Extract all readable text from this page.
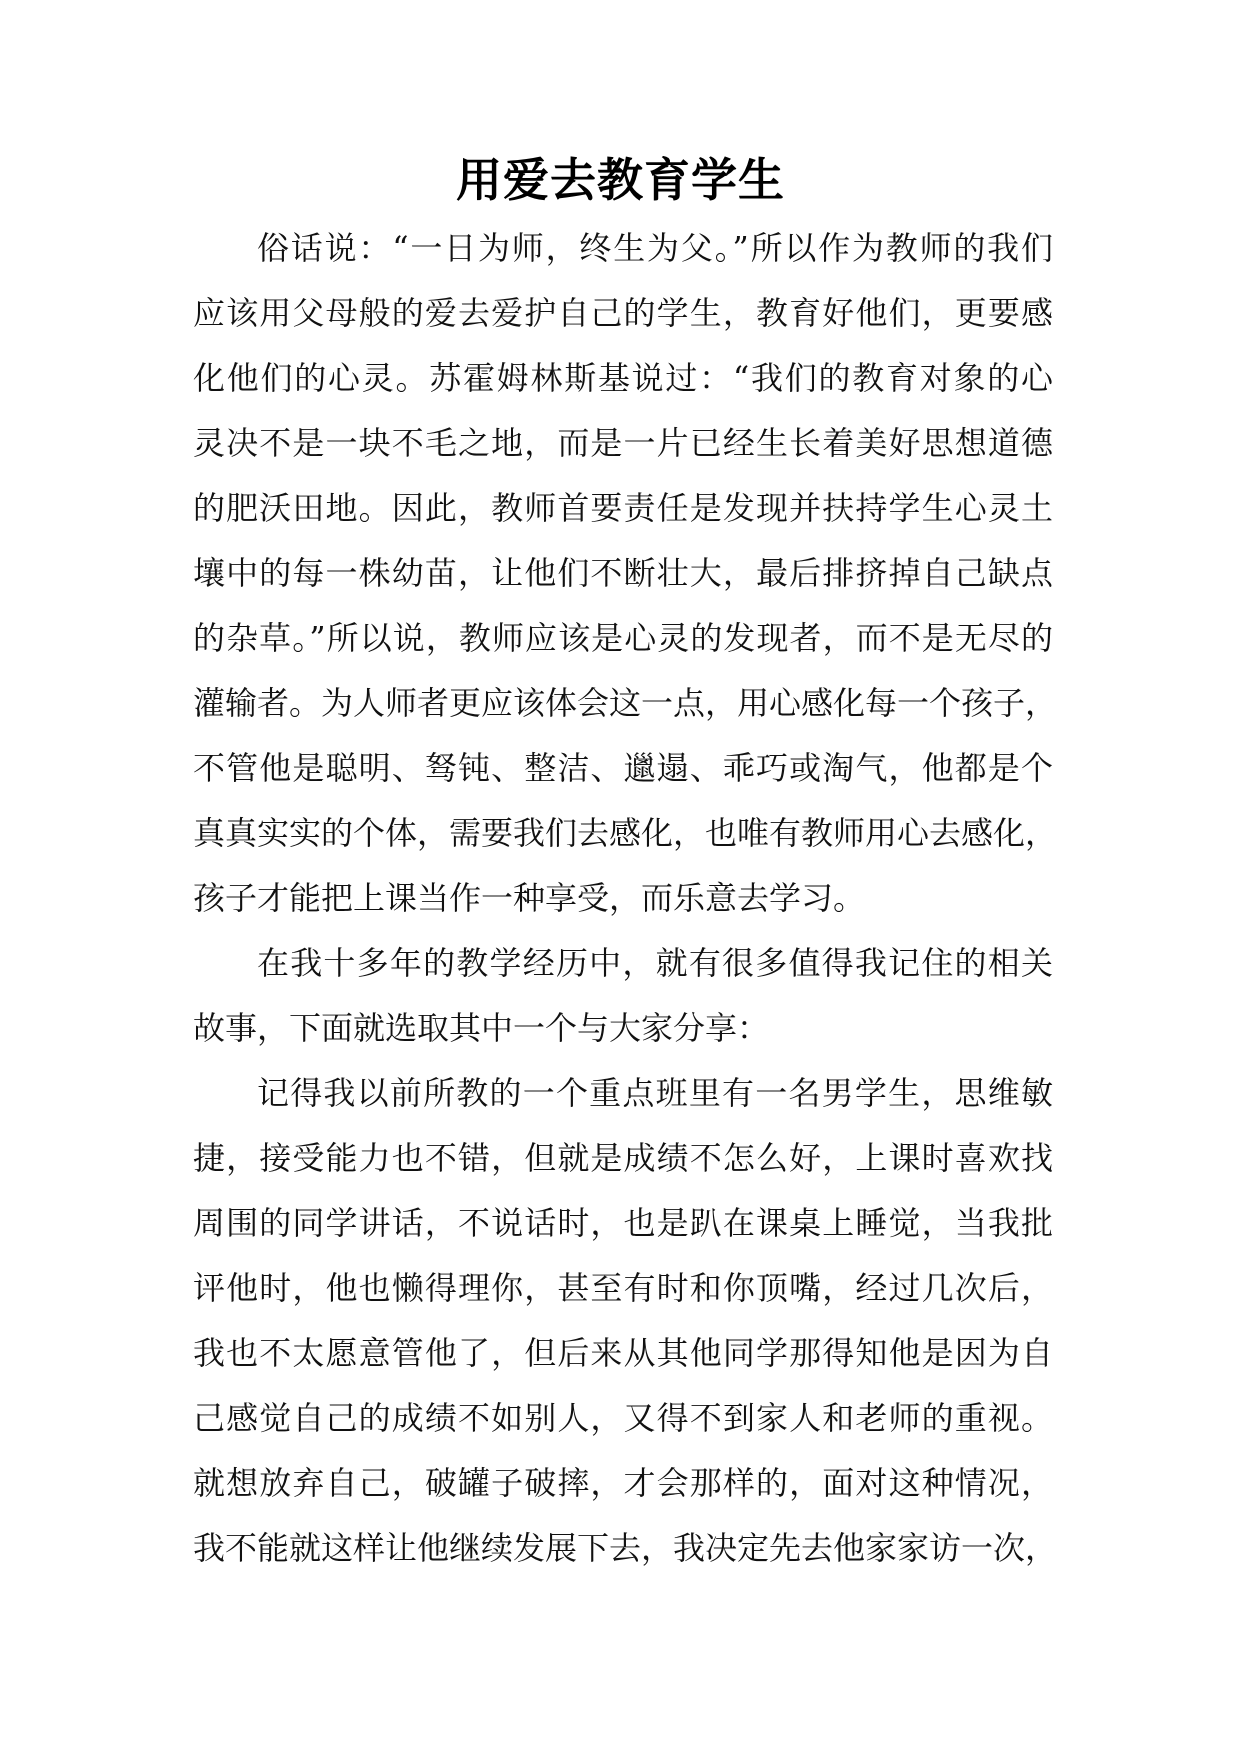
用爱去教育学生
俗话说：“一日为师，终生为父。”所以作为教师的我们
应该用父母般的爱去爱护自己的学生，教育好他们，更要感
化他们的心灵。苏霍姆林斯基说过：“我们的教育对象的心
灵决不是一块不毛之地，而是一片已经生长着美好思想道德
的肥沃田地。因此，教师首要责任是发现并扶持学生心灵土
壤中的每一株幼苗，让他们不断壮大，最后排挤掉自己缺点
的杂草。”所以说，教师应该是心灵的发现者，而不是无尽的
灌输者。为人师者更应该体会这一点，用心感化每一个孩子，
不管他是聪明、驽钝、整洁、邋遢、乖巧或淘气，他都是个
真真实实的个体，需要我们去感化，也唯有教师用心去感化，
孩子才能把上课当作一种享受，而乐意去学习。
在我十多年的教学经历中，就有很多值得我记住的相关
故事，下面就选取其中一个与大家分享：
记得我以前所教的一个重点班里有一名男学生，思维敏
捷，接受能力也不错，但就是成绩不怎么好，上课时喜欢找
周围的同学讲话，不说话时，也是趴在课桌上睡觉，当我批
评他时，他也懒得理你，甚至有时和你顶嘴，经过几次后，
我也不太愿意管他了，但后来从其他同学那得知他是因为自
己感觉自己的成绩不如别人，又得不到家人和老师的重视。
就想放弃自己，破罐子破摔，才会那样的，面对这种情况，
我不能就这样让他继续发展下去，我决定先去他家家访一次，
